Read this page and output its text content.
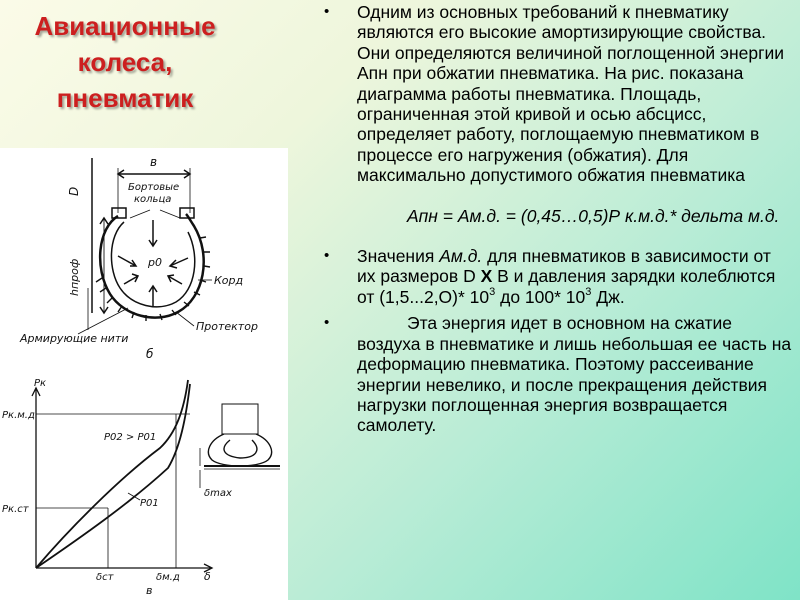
Авиационные колеса, пневматик
в
D	Бортовые кольца
hпроф	p0
Корд
Протектор
Армирующие нити
б
Pк
Pк.м.д
Pк.ст
P02 > P01
P01
δст	δм.д δ
в
δmax
• Одним из основных требований к пневматику являются его высокие амортизирующие свойства. Они определяются величиной поглощенной энергии Апн при обжатии пневматика. На рис. показана диаграмма работы пневматика. Площадь, ограниченная этой кривой и осью абсцисс, определяет работу, поглощаемую пневматиком в процессе его нагружения (обжатия). Для максимально допустимого обжатия пневматика

Апн = Ам.д. = (0,45…0,5)Р к.м.д.* дельта м.д.

• Значения Ам.д. для пневматиков в зависимости от их размеров D X В и давления зарядки колеблются от (1,5...2,O)* $10^3$ до 100* $10^3$ Дж.

•	Эта энергия идет в основном на сжатие воздуха в пневматике и лишь небольшая ее часть на деформацию пневматика. Поэтому рассеивание энергии невелико, и после прекращения действия нагрузки поглощенная энергия возвращается самолету.
